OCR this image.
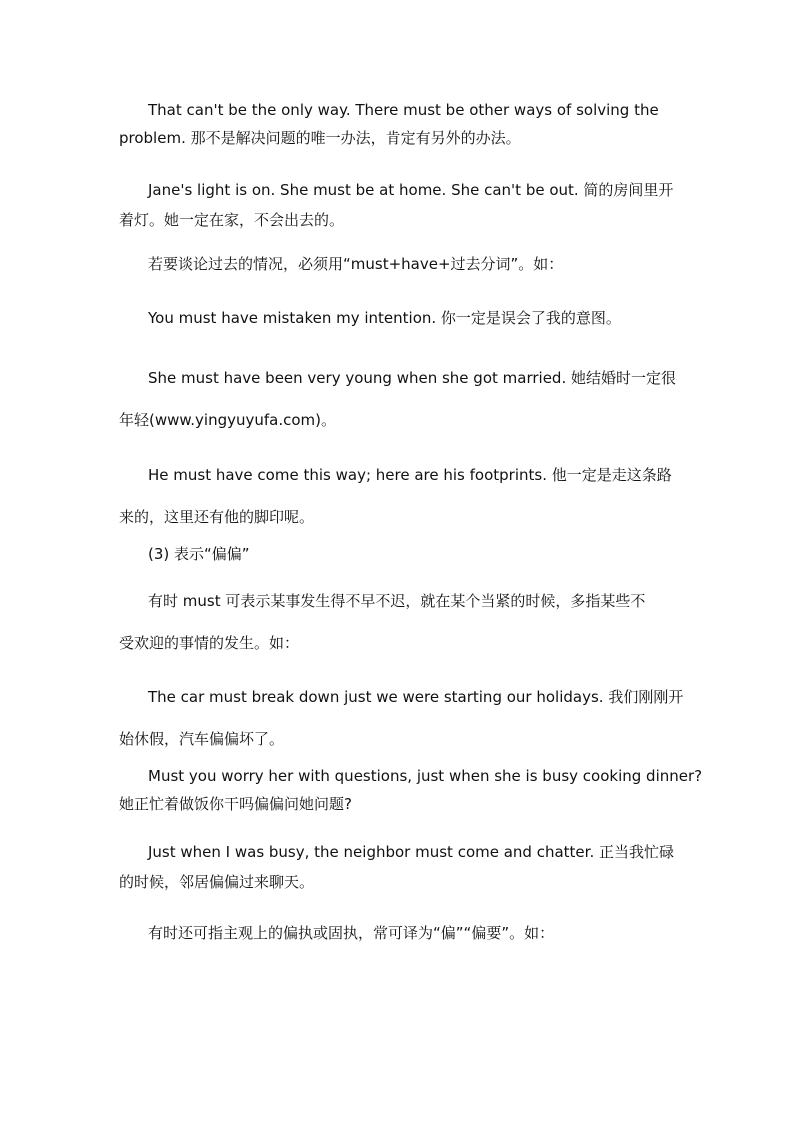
That can't be the only way. There must be other ways of solving the
problem. 那不是解决问题的唯一办法，肯定有另外的办法。
Jane's light is on. She must be at home. She can't be out. 简的房间里开
着灯。她一定在家，不会出去的。
若要谈论过去的情况，必须用“must+have+过去分词”。如：
You must have mistaken my intention. 你一定是误会了我的意图。
She must have been very young when she got married. 她结婚时一定很
年轻(www.yingyuyufa.com)。
He must have come this way; here are his footprints. 他一定是走这条路
来的，这里还有他的脚印呢。
(3) 表示“偏偏”
有时 must 可表示某事发生得不早不迟，就在某个当紧的时候，多指某些不
受欢迎的事情的发生。如：
The car must break down just we were starting our holidays. 我们刚刚开
始休假，汽车偏偏坏了。
Must you worry her with questions, just when she is busy cooking dinner?
她正忙着做饭你干吗偏偏问她问题?
Just when I was busy, the neighbor must come and chatter. 正当我忙碌
的时候，邻居偏偏过来聊天。
有时还可指主观上的偏执或固执，常可译为“偏”“偏要”。如：
